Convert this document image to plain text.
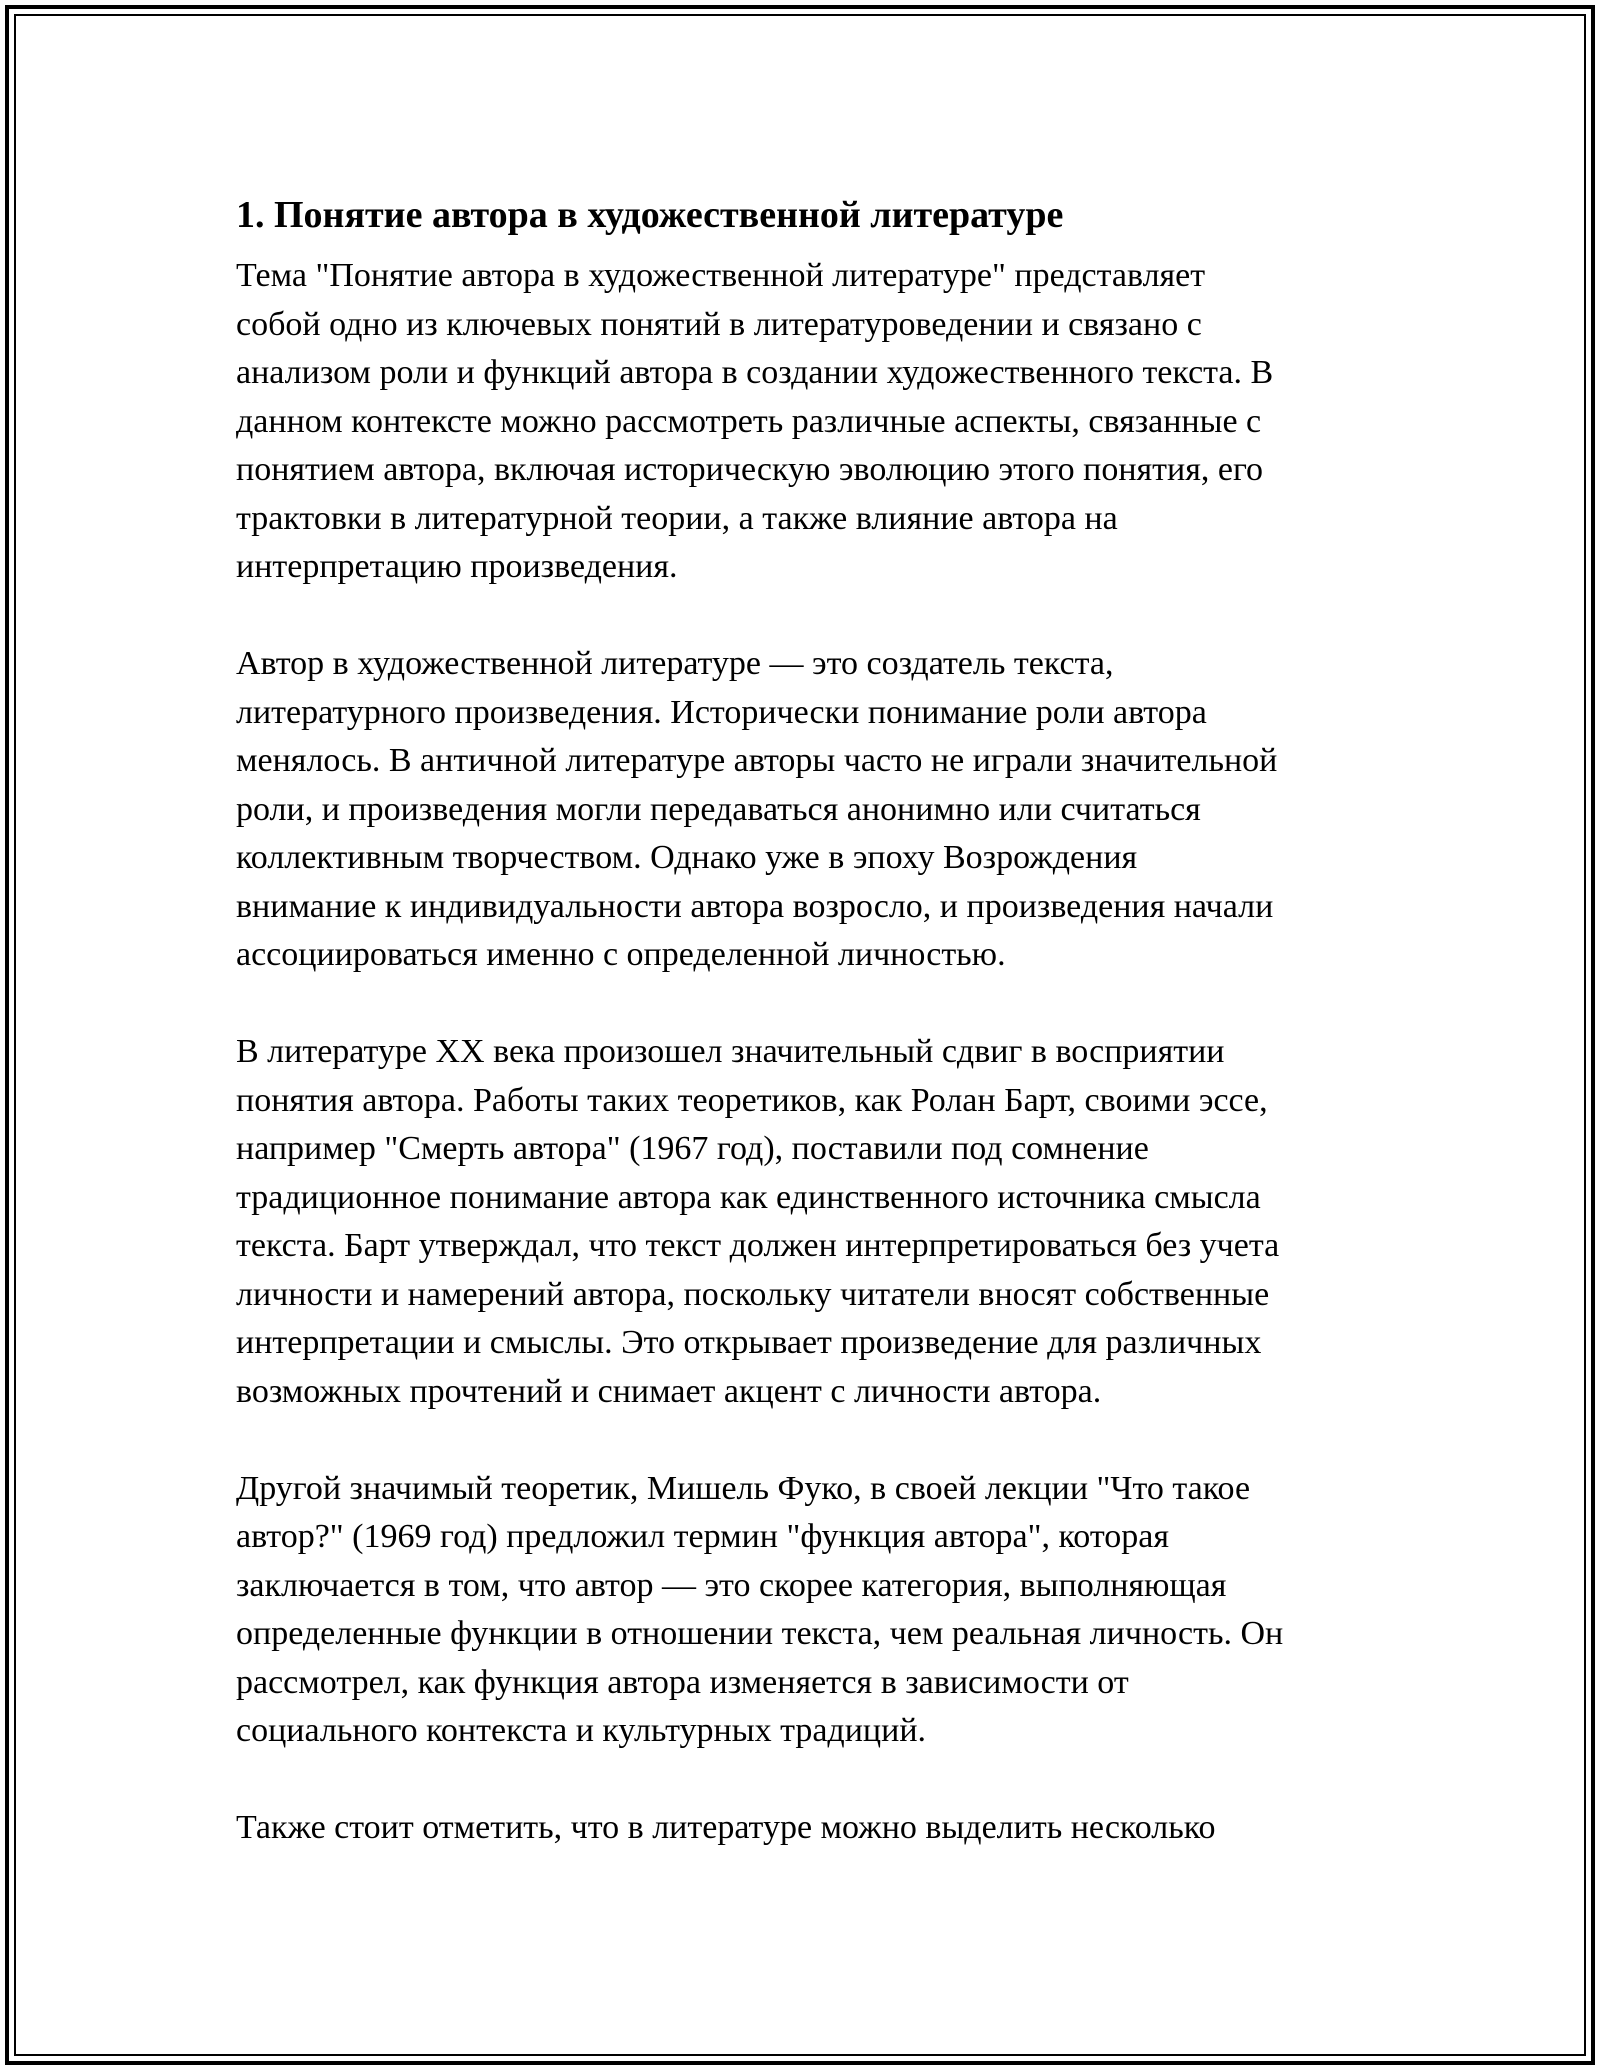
1. Понятие автора в художественной литературе

Тема "Понятие автора в художественной литературе" представляет
собой одно из ключевых понятий в литературоведении и связано с
анализом роли и функций автора в создании художественного текста. В
данном контексте можно рассмотреть различные аспекты, связанные с
понятием автора, включая историческую эволюцию этого понятия, его
трактовки в литературной теории, а также влияние автора на
интерпретацию произведения.

Автор в художественной литературе — это создатель текста,
литературного произведения. Исторически понимание роли автора
менялось. В античной литературе авторы часто не играли значительной
роли, и произведения могли передаваться анонимно или считаться
коллективным творчеством. Однако уже в эпоху Возрождения
внимание к индивидуальности автора возросло, и произведения начали
ассоциироваться именно с определенной личностью.

В литературе XX века произошел значительный сдвиг в восприятии
понятия автора. Работы таких теоретиков, как Ролан Барт, своими эссе,
например "Смерть автора" (1967 год), поставили под сомнение
традиционное понимание автора как единственного источника смысла
текста. Барт утверждал, что текст должен интерпретироваться без учета
личности и намерений автора, поскольку читатели вносят собственные
интерпретации и смыслы. Это открывает произведение для различных
возможных прочтений и снимает акцент с личности автора.

Другой значимый теоретик, Мишель Фуко, в своей лекции "Что такое
автор?" (1969 год) предложил термин "функция автора", которая
заключается в том, что автор — это скорее категория, выполняющая
определенные функции в отношении текста, чем реальная личность. Он
рассмотрел, как функция автора изменяется в зависимости от
социального контекста и культурных традиций.

Также стоит отметить, что в литературе можно выделить несколько
